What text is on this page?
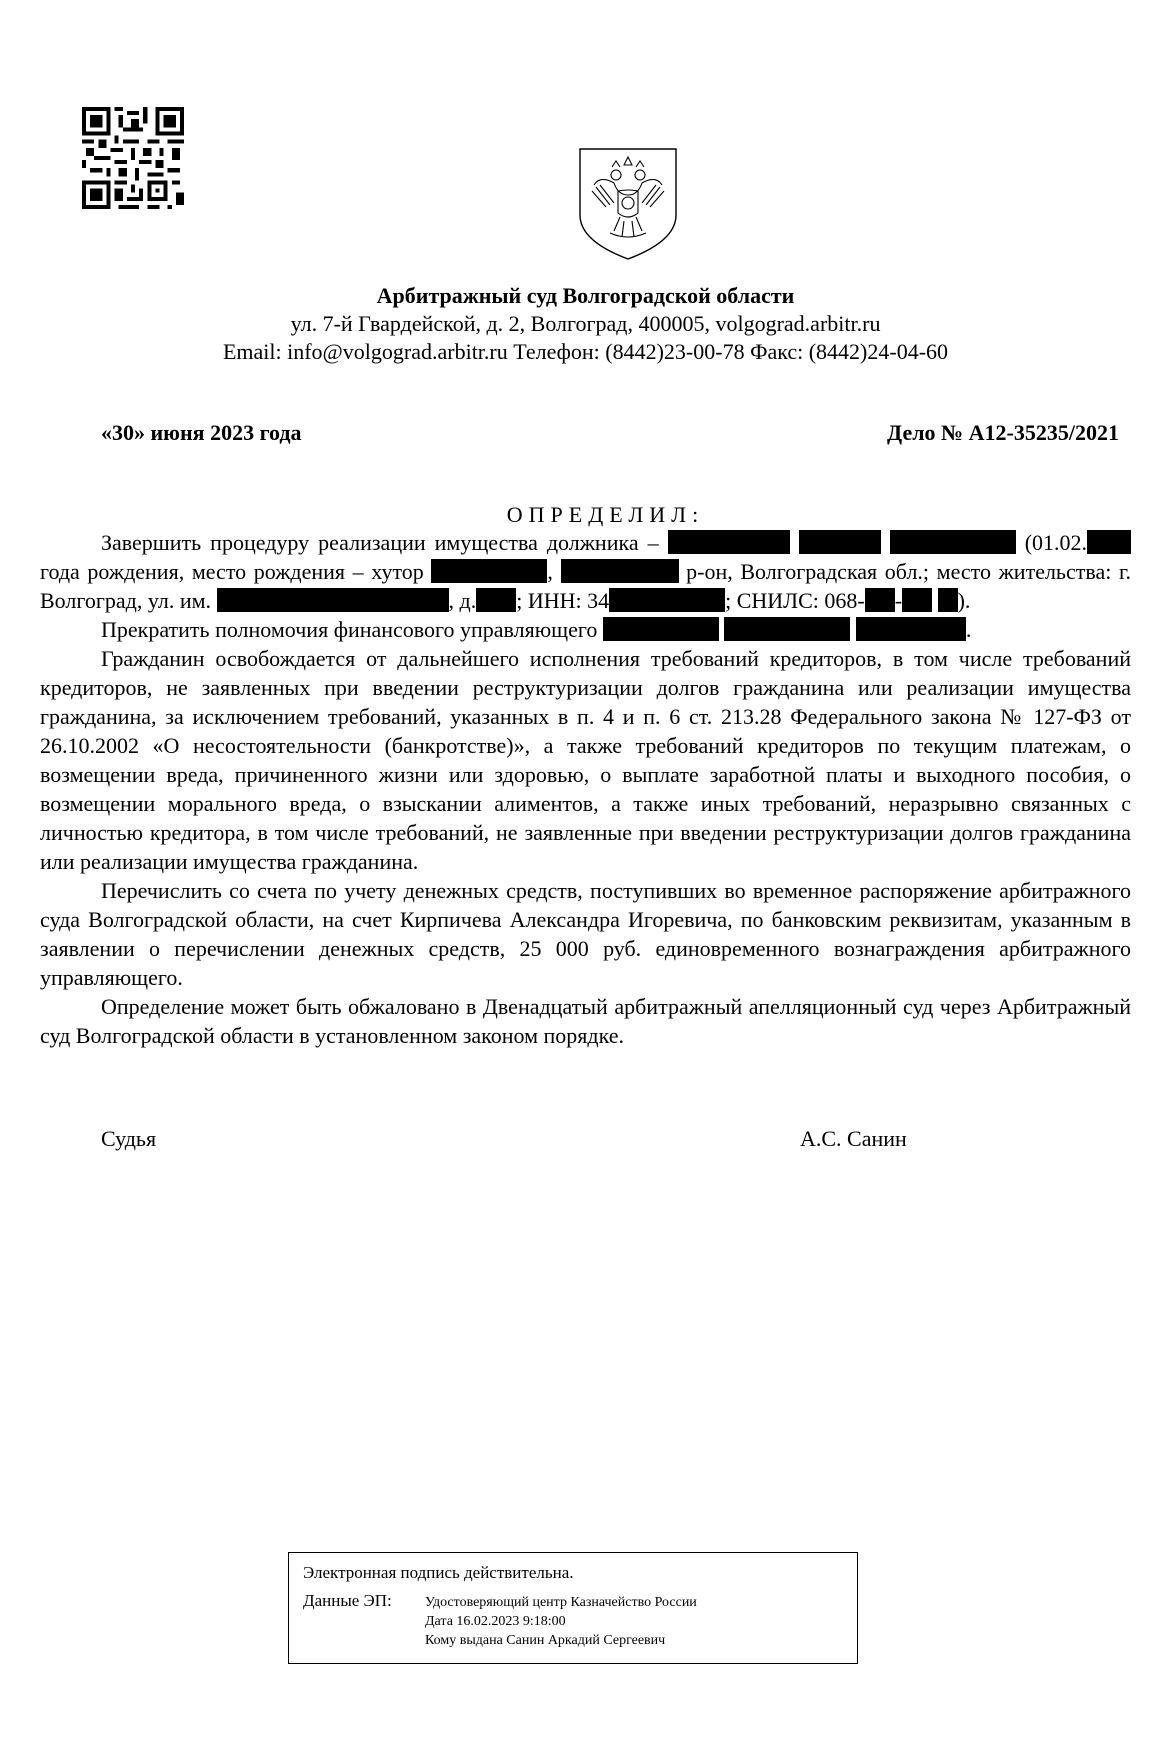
Арбитражный суд Волгоградской области
ул. 7-й Гвардейской, д. 2, Волгоград, 400005, volgograd.arbitr.ru
Email: info@volgograd.arbitr.ru Телефон: (8442)23-00-78 Факс: (8442)24-04-60
«30» июня 2023 года	Дело № А12-35235/2021
ОПРЕДЕЛИЛ:

Завершить процедуру реализации имущества должника –	(01.02. года рождения, место рождения – хутор	,	р-он, Волгоградская обл.; место жительства: г. Волгоград, ул. им.	, д. ; ИНН: 34	; СНИЛС: 068- -	).

Прекратить полномочия финансового управляющего	.

Гражданин освобождается от дальнейшего исполнения требований кредиторов, в том числе требований кредиторов, не заявленных при введении реструктуризации долгов гражданина или реализации имущества гражданина, за исключением требований, указанных в п. 4 и п. 6 ст. 213.28 Федерального закона № 127-ФЗ от 26.10.2002 «О несостоятельности (банкротстве)», а также требований кредиторов по текущим платежам, о возмещении вреда, причиненного жизни или здоровью, о выплате заработной платы и выходного пособия, о возмещении морального вреда, о взыскании алиментов, а также иных требований, неразрывно связанных с личностью кредитора, в том числе требований, не заявленные при введении реструктуризации долгов гражданина или реализации имущества гражданина.

Перечислить со счета по учету денежных средств, поступивших во временное распоряжение арбитражного суда Волгоградской области, на счет Кирпичева Александра Игоревича, по банковским реквизитам, указанным в заявлении о перечислении денежных средств, 25 000 руб. единовременного вознаграждения арбитражного управляющего.

Определение может быть обжаловано в Двенадцатый арбитражный апелляционный суд через Арбитражный суд Волгоградской области в установленном законом порядке.

Судья	А.С. Санин
Электронная подпись действительна.
Данные ЭП: Удостоверяющий центр Казначейство России
Дата 16.02.2023 9:18:00
Кому выдана Санин Аркадий Сергеевич
